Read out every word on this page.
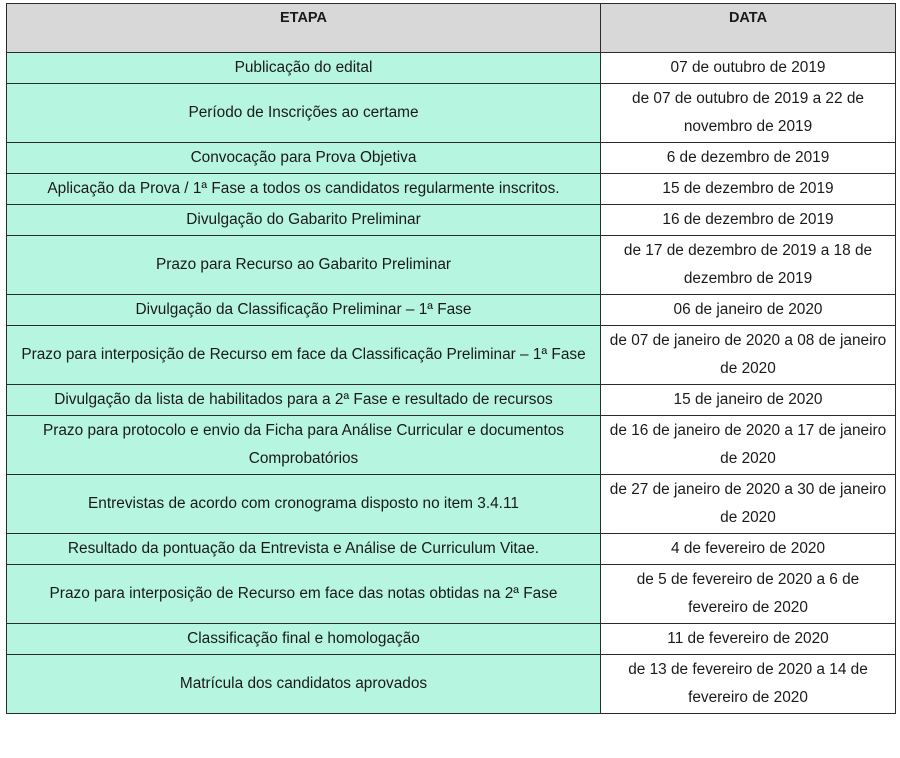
ETAPA	DATA
Publicação do edital	07 de outubro de 2019
Período de Inscrições ao certame	de 07 de outubro de 2019 a 22 de novembro de 2019
Convocação para Prova Objetiva	6 de dezembro de 2019
Aplicação da Prova / 1ª Fase a todos os candidatos regularmente inscritos.	15 de dezembro de 2019
Divulgação do Gabarito Preliminar	16 de dezembro de 2019
Prazo para Recurso ao Gabarito Preliminar	de 17 de dezembro de 2019 a 18 de dezembro de 2019
Divulgação da Classificação Preliminar – 1ª Fase	06 de janeiro de 2020
Prazo para interposição de Recurso em face da Classificação Preliminar – 1ª Fase	de 07 de janeiro de 2020 a 08 de janeiro de 2020
Divulgação da lista de habilitados para a 2ª Fase e resultado de recursos	15 de janeiro de 2020
Prazo para protocolo e envio da Ficha para Análise Curricular e documentos Comprobatórios	de 16 de janeiro de 2020 a 17 de janeiro de 2020
Entrevistas de acordo com cronograma disposto no item 3.4.11	de 27 de janeiro de 2020 a 30 de janeiro de 2020
Resultado da pontuação da Entrevista e Análise de Curriculum Vitae.	4 de fevereiro de 2020
Prazo para interposição de Recurso em face das notas obtidas na 2ª Fase	de 5 de fevereiro de 2020 a 6 de fevereiro de 2020
Classificação final e homologação	11 de fevereiro de 2020
Matrícula dos candidatos aprovados	de 13 de fevereiro de 2020 a 14 de fevereiro de 2020
